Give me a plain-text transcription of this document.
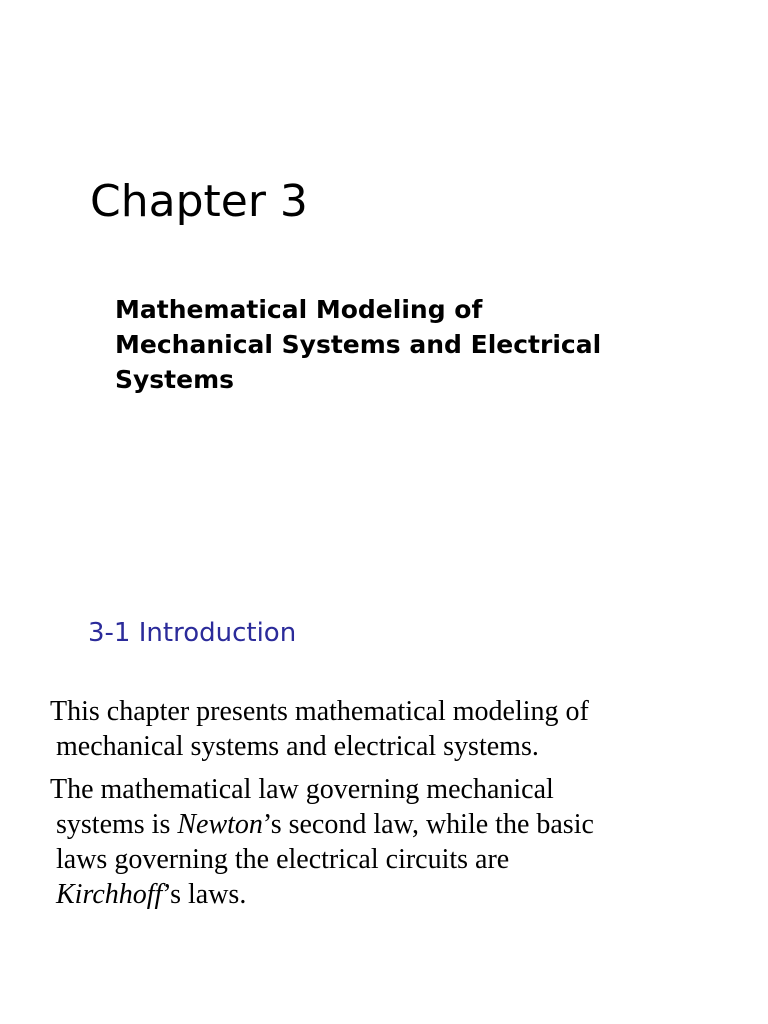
Chapter 3
Mathematical Modeling of
Mechanical Systems and Electrical
Systems
3-1 Introduction

This chapter presents mathematical modeling of
mechanical systems and electrical systems.

The mathematical law governing mechanical
systems is Newton’s second law, while the basic
laws governing the electrical circuits are
Kirchhoff’s laws.
